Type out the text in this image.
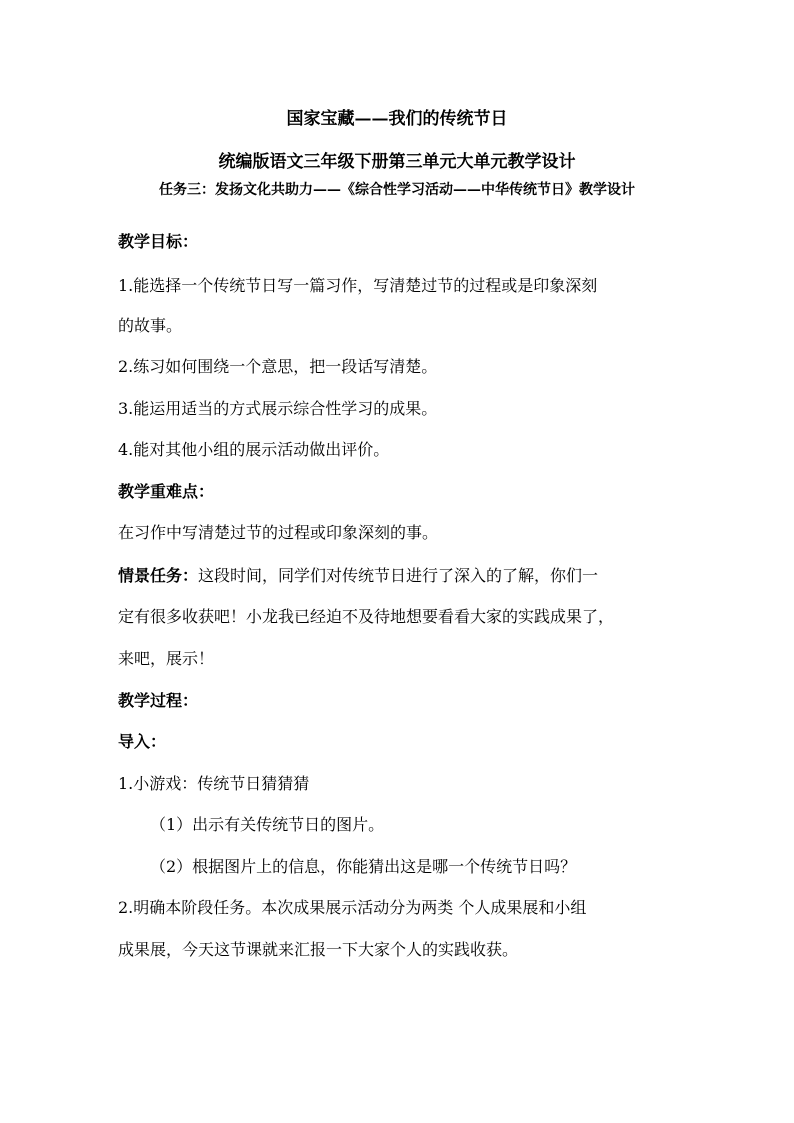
国家宝藏——我们的传统节日
统编版语文三年级下册第三单元大单元教学设计
任务三：发扬文化共助力——《综合性学习活动——中华传统节日》教学设计
教学目标：
1.能选择一个传统节日写一篇习作，写清楚过节的过程或是印象深刻
的故事。
2.练习如何围绕一个意思，把一段话写清楚。
3.能运用适当的方式展示综合性学习的成果。
4.能对其他小组的展示活动做出评价。
教学重难点：
在习作中写清楚过节的过程或印象深刻的事。
情景任务：这段时间，同学们对传统节日进行了深入的了解，你们一
定有很多收获吧！小龙我已经迫不及待地想要看看大家的实践成果了，
来吧，展示！
教学过程：
导入：
1.小游戏：传统节日猜猜猜
（1）出示有关传统节日的图片。
（2）根据图片上的信息，你能猜出这是哪一个传统节日吗？
2.明确本阶段任务。本次成果展示活动分为两类 个人成果展和小组
成果展，今天这节课就来汇报一下大家个人的实践收获。
